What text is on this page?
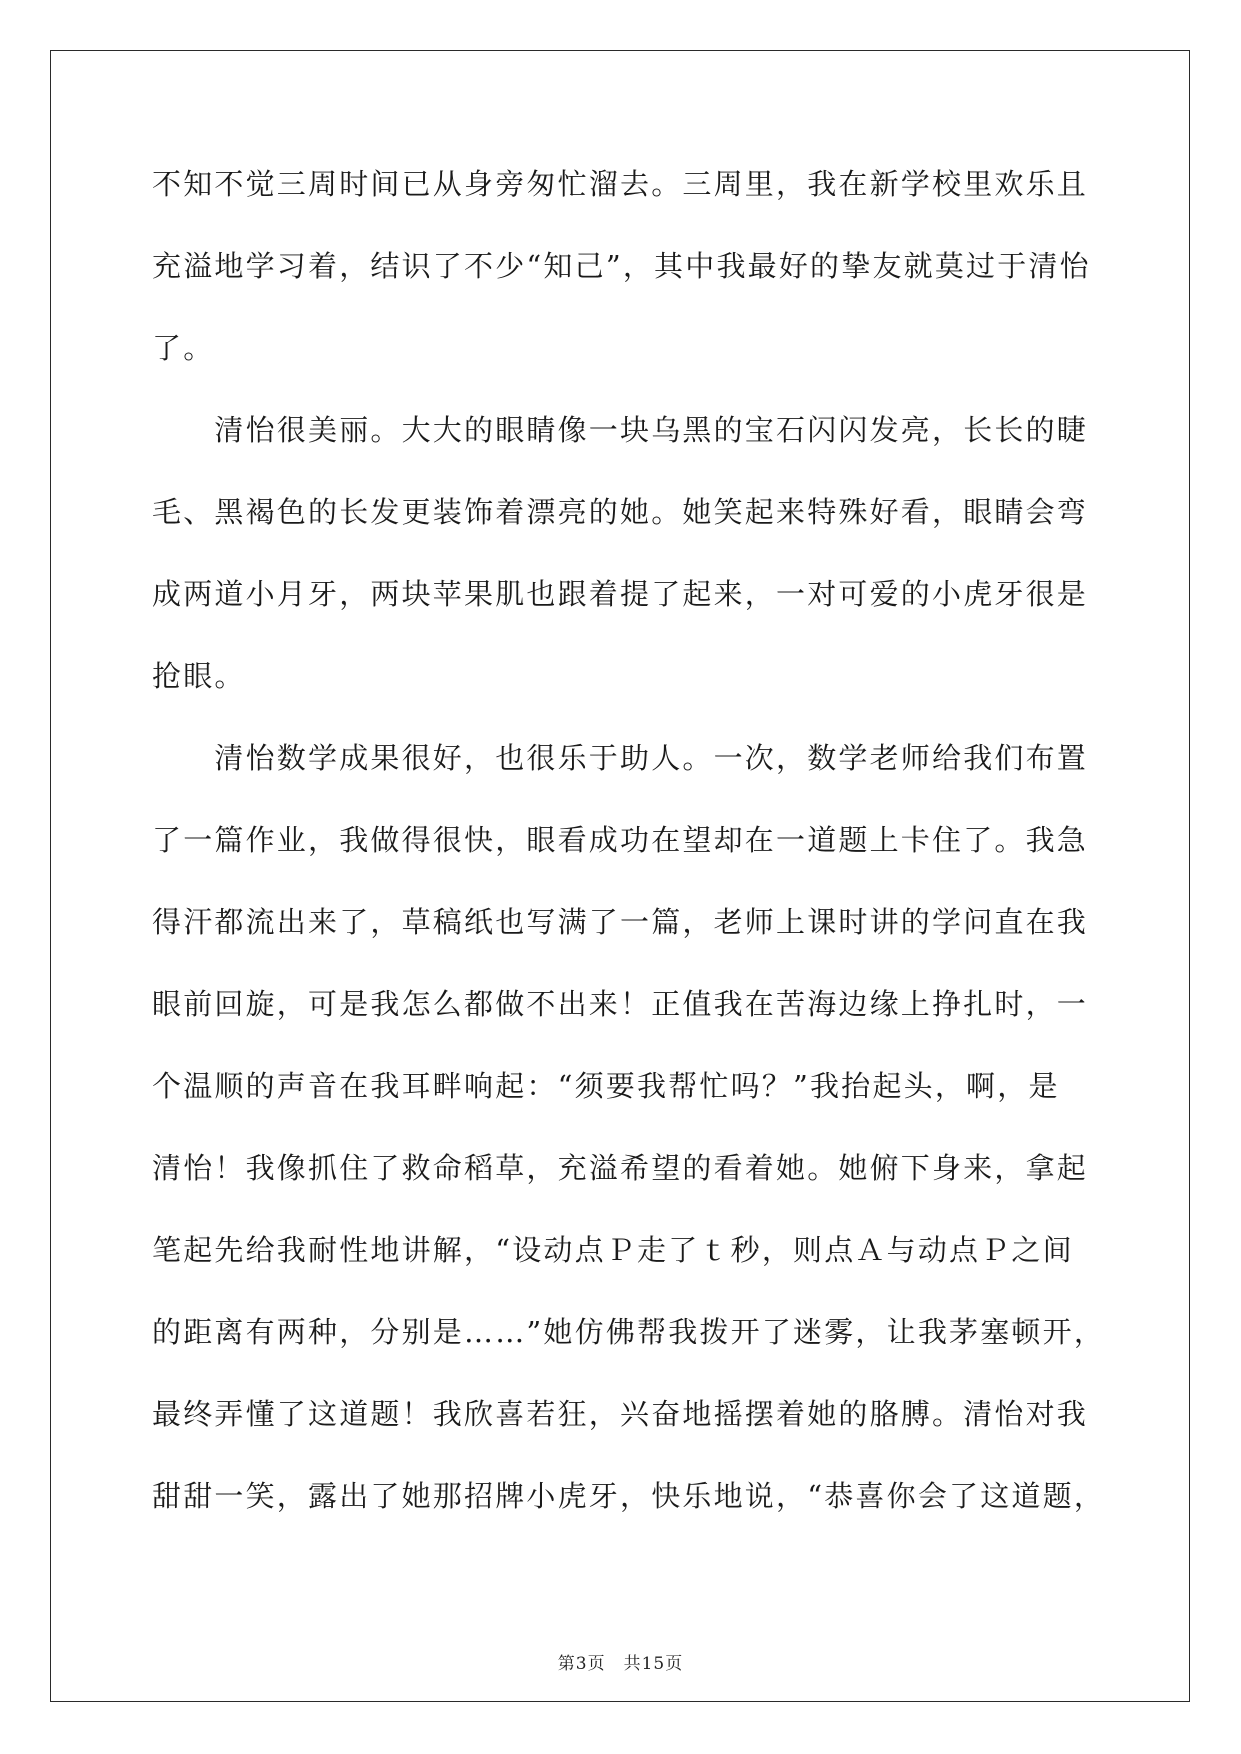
不知不觉三周时间已从身旁匆忙溜去。三周里，我在新学校里欢乐且
充溢地学习着，结识了不少“知己”，其中我最好的挚友就莫过于清怡
了。
　　清怡很美丽。大大的眼睛像一块乌黑的宝石闪闪发亮，长长的睫
毛、黑褐色的长发更装饰着漂亮的她。她笑起来特殊好看，眼睛会弯
成两道小月牙，两块苹果肌也跟着提了起来，一对可爱的小虎牙很是
抢眼。
　　清怡数学成果很好，也很乐于助人。一次，数学老师给我们布置
了一篇作业，我做得很快，眼看成功在望却在一道题上卡住了。我急
得汗都流出来了，草稿纸也写满了一篇，老师上课时讲的学问直在我
眼前回旋，可是我怎么都做不出来！正值我在苦海边缘上挣扎时，一
个温顺的声音在我耳畔响起：“须要我帮忙吗？”我抬起头，啊，是
清怡！我像抓住了救命稻草，充溢希望的看着她。她俯下身来，拿起
笔起先给我耐性地讲解，“设动点Ｐ走了ｔ秒，则点Ａ与动点Ｐ之间
的距离有两种，分别是……”她仿佛帮我拨开了迷雾，让我茅塞顿开，
最终弄懂了这道题！我欣喜若狂，兴奋地摇摆着她的胳膊。清怡对我
甜甜一笑，露出了她那招牌小虎牙，快乐地说，“恭喜你会了这道题，
第3页　共15页
